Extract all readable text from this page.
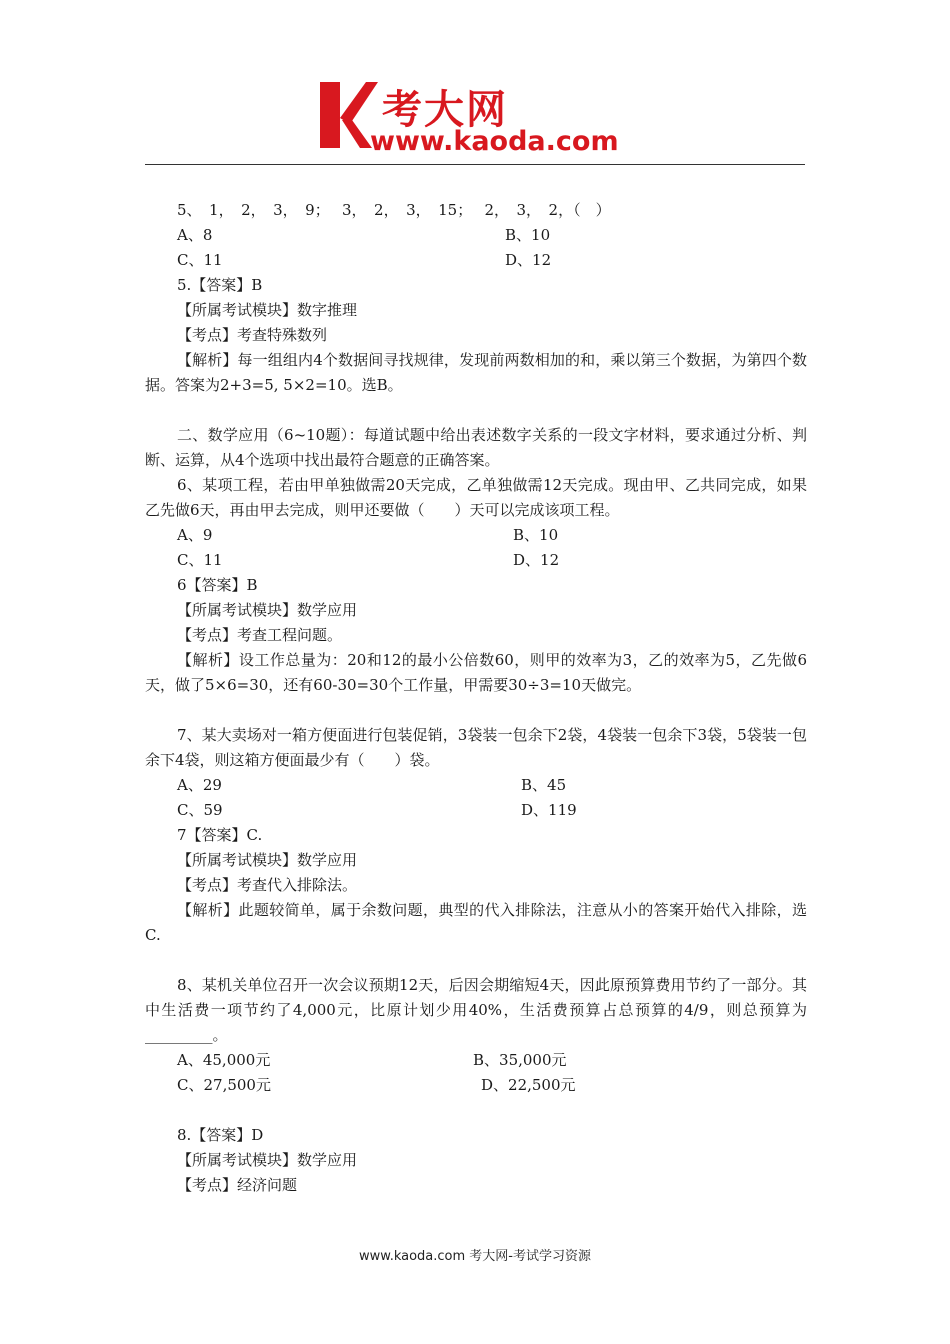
考大网
www.kaoda.com

5、　1，　2，　3，　9；　 3，　2，　3，　15；　 2，　3，　2，（　）

A、8	B、10
C、11	D、12

5.【答案】B

【所属考试模块】数字推理

【考点】考查特殊数列

【解析】每一组组内4个数据间寻找规律，发现前两数相加的和，乘以第三个数据，为第四个数据。答案为2+3=5, 5×2=10。选B。

二、数学应用（6~10题）：每道试题中给出表述数字关系的一段文字材料，要求通过分析、判断、运算，从4个选项中找出最符合题意的正确答案。

6、某项工程，若由甲单独做需20天完成，乙单独做需12天完成。现由甲、乙共同完成，如果乙先做6天，再由甲去完成，则甲还要做（　　）天可以完成该项工程。

A、9	B、10
C、11	D、12

6【答案】B

【所属考试模块】数学应用

【考点】考查工程问题。

【解析】设工作总量为：20和12的最小公倍数60，则甲的效率为3，乙的效率为5，乙先做6天，做了5×6=30，还有60-30=30个工作量，甲需要30÷3=10天做完。

7、某大卖场对一箱方便面进行包装促销，3袋装一包余下2袋，4袋装一包余下3袋，5袋装一包余下4袋，则这箱方便面最少有（　　）袋。

A、29	B、45
C、59	D、119

7【答案】C.

【所属考试模块】数学应用

【考点】考查代入排除法。

【解析】此题较简单，属于余数问题，典型的代入排除法，注意从小的答案开始代入排除，选C.

8、某机关单位召开一次会议预期12天，后因会期缩短4天，因此原预算费用节约了一部分。其中生活费一项节约了4,000元，比原计划少用40%，生活费预算占总预算的4/9，则总预算为_________。

A、45,000元	B、35,000元
C、27,500元	D、22,500元

8.【答案】D

【所属考试模块】数学应用

【考点】经济问题

www.kaoda.com 考大网-考试学习资源
